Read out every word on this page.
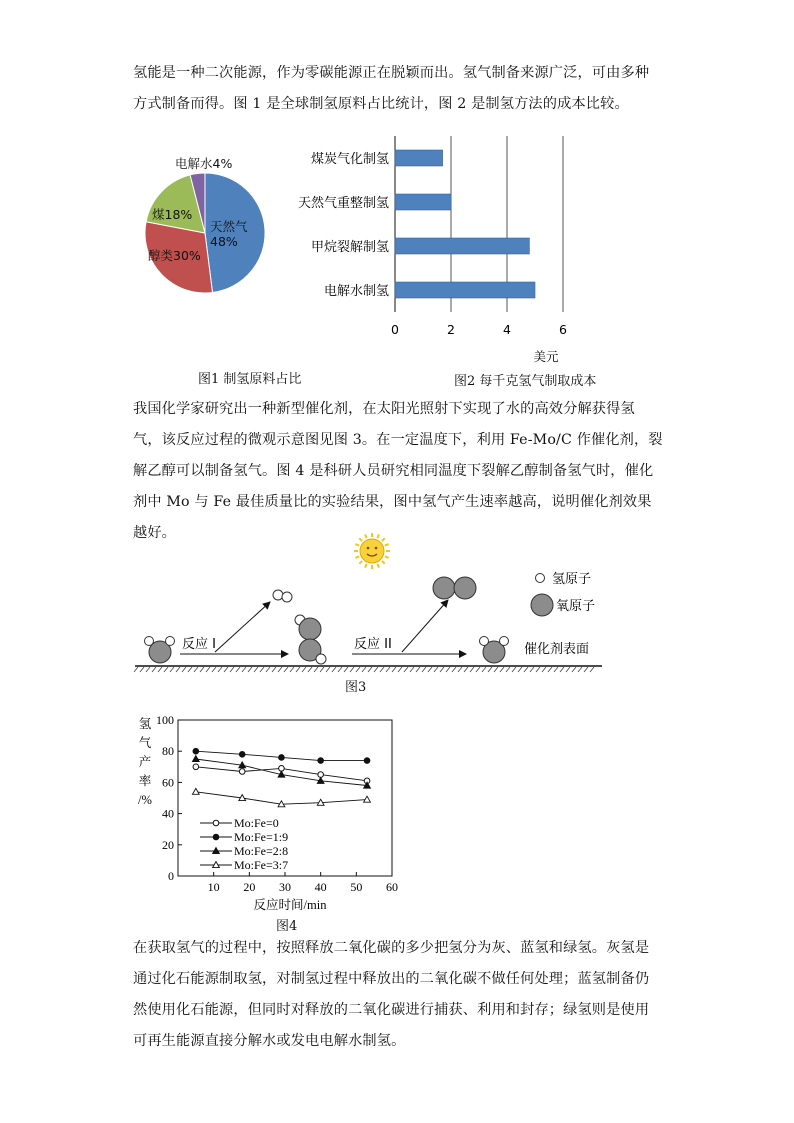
氢能是一种二次能源，作为零碳能源正在脱颖而出。氢气制备来源广泛，可由多种方式制备而得。图 1 是全球制氢原料占比统计，图 2 是制氢方法的成本比较。

天然气
48%
醇类30%
煤18%
电解水4%
图1 制氢原料占比
0	2	4	6
煤炭气化制氢
天然气重整制氢
甲烷裂解制氢
电解水制氢
美元
图2 每千克氢气制取成本

我国化学家研究出一种新型催化剂，在太阳光照射下实现了水的高效分解获得氢气，该反应过程的微观示意图见图 3。在一定温度下，利用 Fe-Mo/C 作催化剂，裂解乙醇可以制备氢气。图 4 是科研人员研究相同温度下裂解乙醇制备氢气时，催化剂中 Mo 与 Fe 最佳质量比的实验结果，图中氢气产生速率越高，说明催化剂效果越好。

反应 I	反应 II
氢原子
氧原子
催化剂表面
图3
0
20
40
60
80
100
10 20 30 40 50 60
氢
气
产
率
/%
反应时间/min
Mo:Fe=0
Mo:Fe=1:9
Mo:Fe=2:8
Mo:Fe=3:7
图4

在获取氢气的过程中，按照释放二氧化碳的多少把氢分为灰、蓝氢和绿氢。灰氢是通过化石能源制取氢，对制氢过程中释放出的二氧化碳不做任何处理；蓝氢制备仍然使用化石能源，但同时对释放的二氧化碳进行捕获、利用和封存；绿氢则是使用可再生能源直接分解水或发电电解水制氢。
